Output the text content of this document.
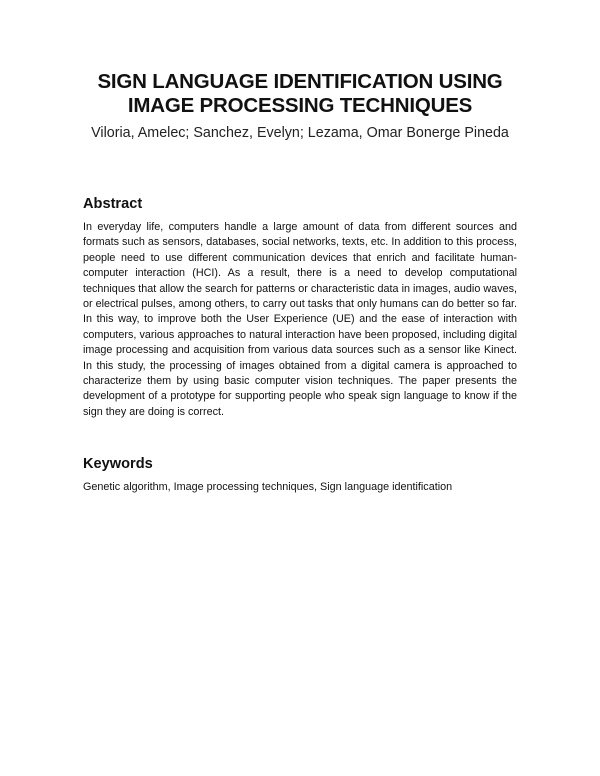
SIGN LANGUAGE IDENTIFICATION USING
IMAGE PROCESSING TECHNIQUES

Viloria, Amelec; Sanchez, Evelyn; Lezama, Omar Bonerge Pineda

Abstract

In everyday life, computers handle a large amount of data from different sources and formats such as sensors, databases, social networks, texts, etc. In addition to this process, people need to use different communication devices that enrich and facilitate human-computer interaction (HCI). As a result, there is a need to develop computational techniques that allow the search for patterns or characteristic data in images, audio waves, or electrical pulses, among others, to carry out tasks that only humans can do better so far. In this way, to improve both the User Experience (UE) and the ease of interaction with computers, various approaches to natural interaction have been proposed, including digital image processing and acquisition from various data sources such as a sensor like Kinect. In this study, the processing of images obtained from a digital camera is approached to characterize them by using basic computer vision techniques. The paper presents the development of a prototype for supporting people who speak sign language to know if the sign they are doing is correct.

Keywords

Genetic algorithm, Image processing techniques, Sign language identification
